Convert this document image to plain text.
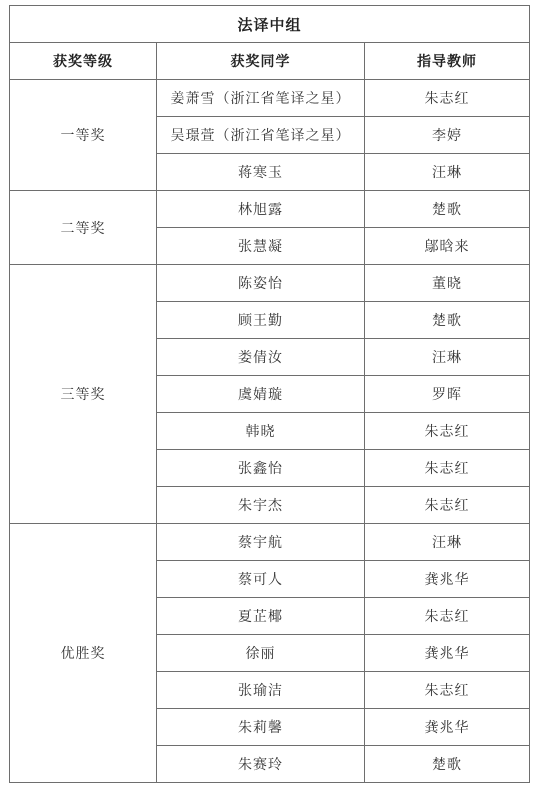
法译中组		
获奖等级	获奖同学	指导教师
一等奖	姜萧雪（浙江省笔译之星）	朱志红
	吴璟萱（浙江省笔译之星）	李婷
	蒋寒玉	汪琳
二等奖	林旭露	楚歌
	张慧凝	鄔晗来
三等奖	陈姿怡	董晓
	顾王勤	楚歌
	娄倩汝	汪琳
	虞婧璇	罗晖
	韩晓	朱志红
	张鑫怡	朱志红
	朱宇杰	朱志红
优胜奖	蔡宇航	汪琳
	蔡可人	龚兆华
	夏芷椰	朱志红
	徐丽	龚兆华
	张瑜洁	朱志红
	朱莉馨	龚兆华
	朱赛玲	楚歌
